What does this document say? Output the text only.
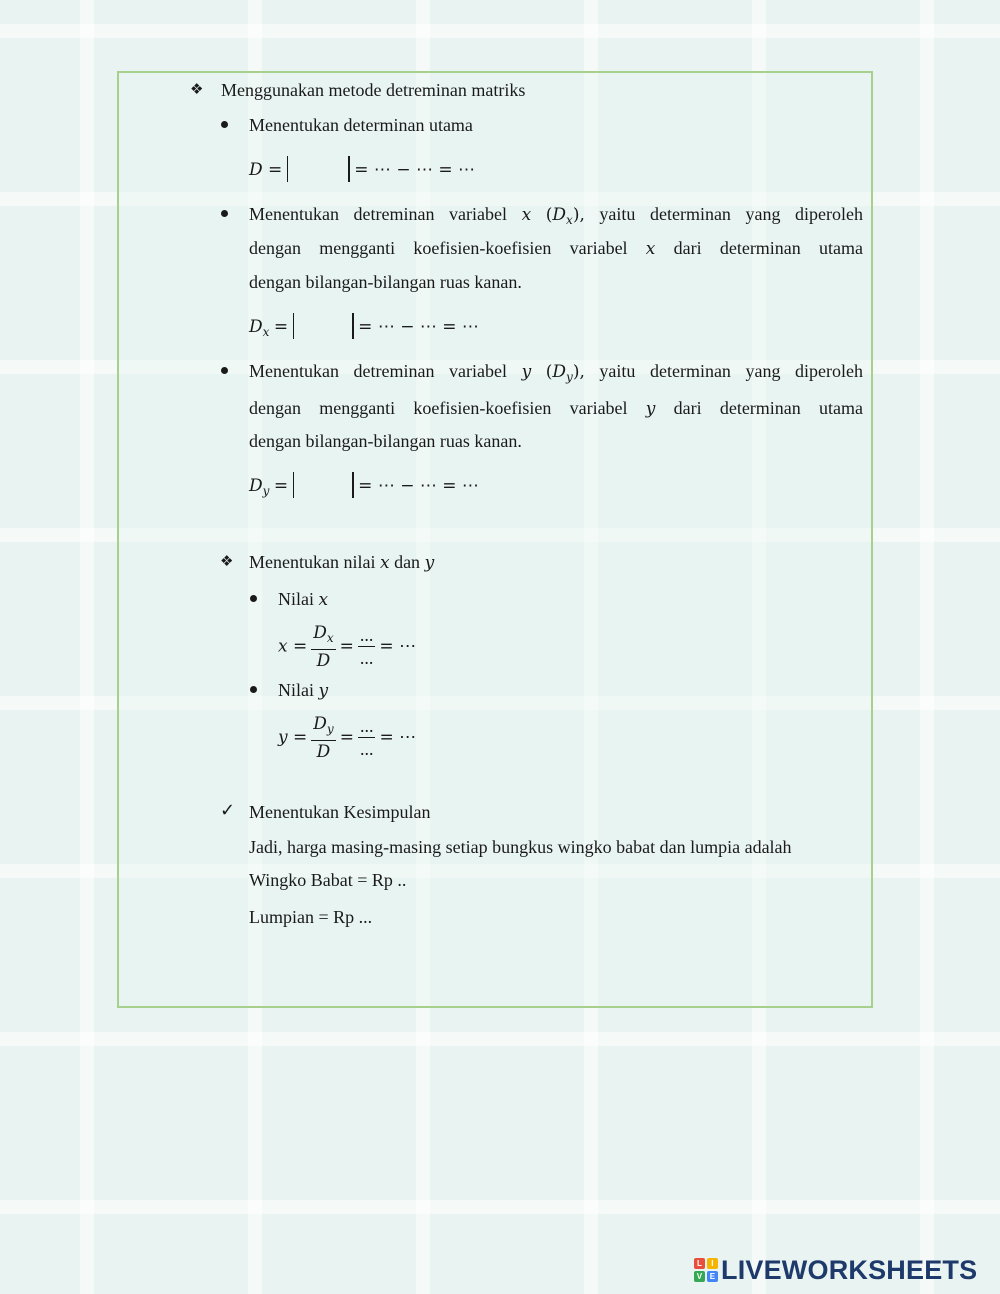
❖ Menggunakan metode detreminan matriks
Menentukan determinan utama
D =	= ⋯ − ⋯ = ⋯
Menentukan detreminan variabel x $(D_x)$, yaitu determinan yang diperoleh
dengan mengganti koefisien-koefisien variabel x dari determinan utama
dengan bilangan-bilangan ruas kanan.
$D_x$ =	= ⋯ − ⋯ = ⋯
Menentukan detreminan variabel y $(D_y)$, yaitu determinan yang diperoleh
dengan mengganti koefisien-koefisien variabel y dari determinan utama
dengan bilangan-bilangan ruas kanan.
$D_y$ =	= ⋯ − ⋯ = ⋯
❖ Menentukan nilai x dan y
Nilai x
$x = \frac{D_x}{D} = \frac{...}{...}$ = ⋯
Nilai y
$y = \frac{D_y}{D} = \frac{...}{...}$ = ⋯
✓ Menentukan Kesimpulan
Jadi, harga masing-masing setiap bungkus wingko babat dan lumpia adalah
Wingko Babat = Rp ..
Lumpian = Rp ...
L	I
V E LIVEWORKSHEETS
